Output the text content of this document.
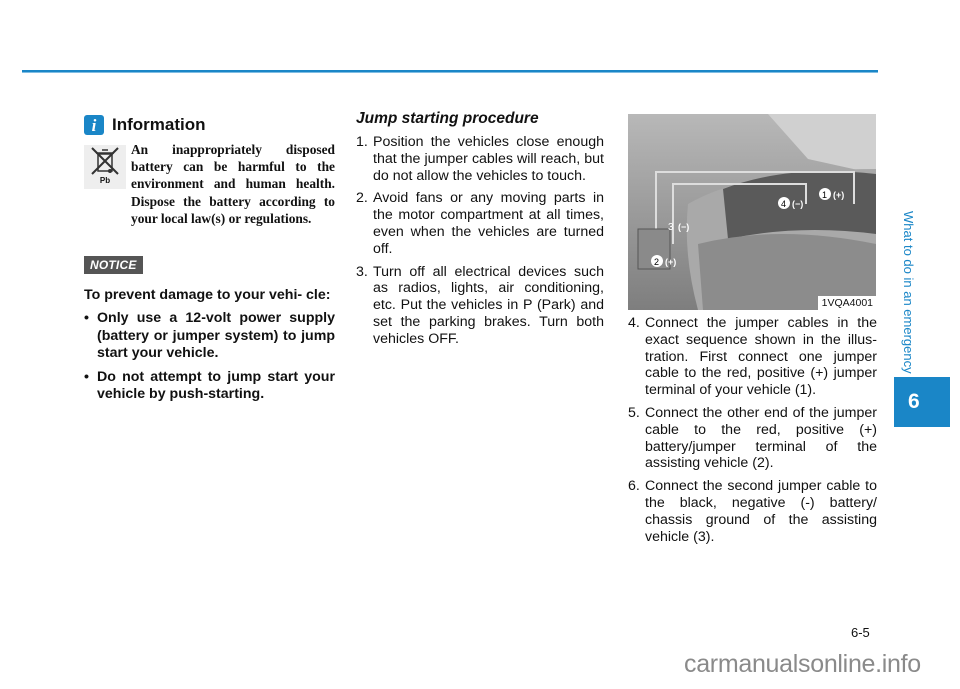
i Information
Pb
An inappropriately disposed battery can be harmful to the environment and human health. Dispose the battery according to your local law(s) or regulations.
NOTICE

To prevent damage to your vehi- cle:

• Only use a 12-volt power supply (battery or jumper system) to jump start your vehicle.
• Do not attempt to jump start your vehicle by push-starting.
Jump starting procedure
1. Position the vehicles close enough that the jumper cables will reach, but do not allow the vehicles to touch.
2. Avoid fans or any moving parts in the motor compartment at all times, even when the vehicles are turned off.
3. Turn off all electrical devices such as radios, lights, air conditioning, etc. Put the vehicles in P (Park) and set the parking brakes. Turn both vehicles OFF.
1 (+)
4 (−)
3 (−)
2 (+)
1VQA4001
4. Connect the jumper cables in the exact sequence shown in the illus- tration. First connect one jumper cable to the red, positive (+) jumper terminal of your vehicle (1).
5. Connect the other end of the jumper cable to the red, positive (+) battery/jumper terminal of the assisting vehicle (2).
6. Connect the second jumper cable to the black, negative (-) battery/ chassis ground of the assisting vehicle (3).
What to do in an emergency
6
6-5
carmanualsonline.info
